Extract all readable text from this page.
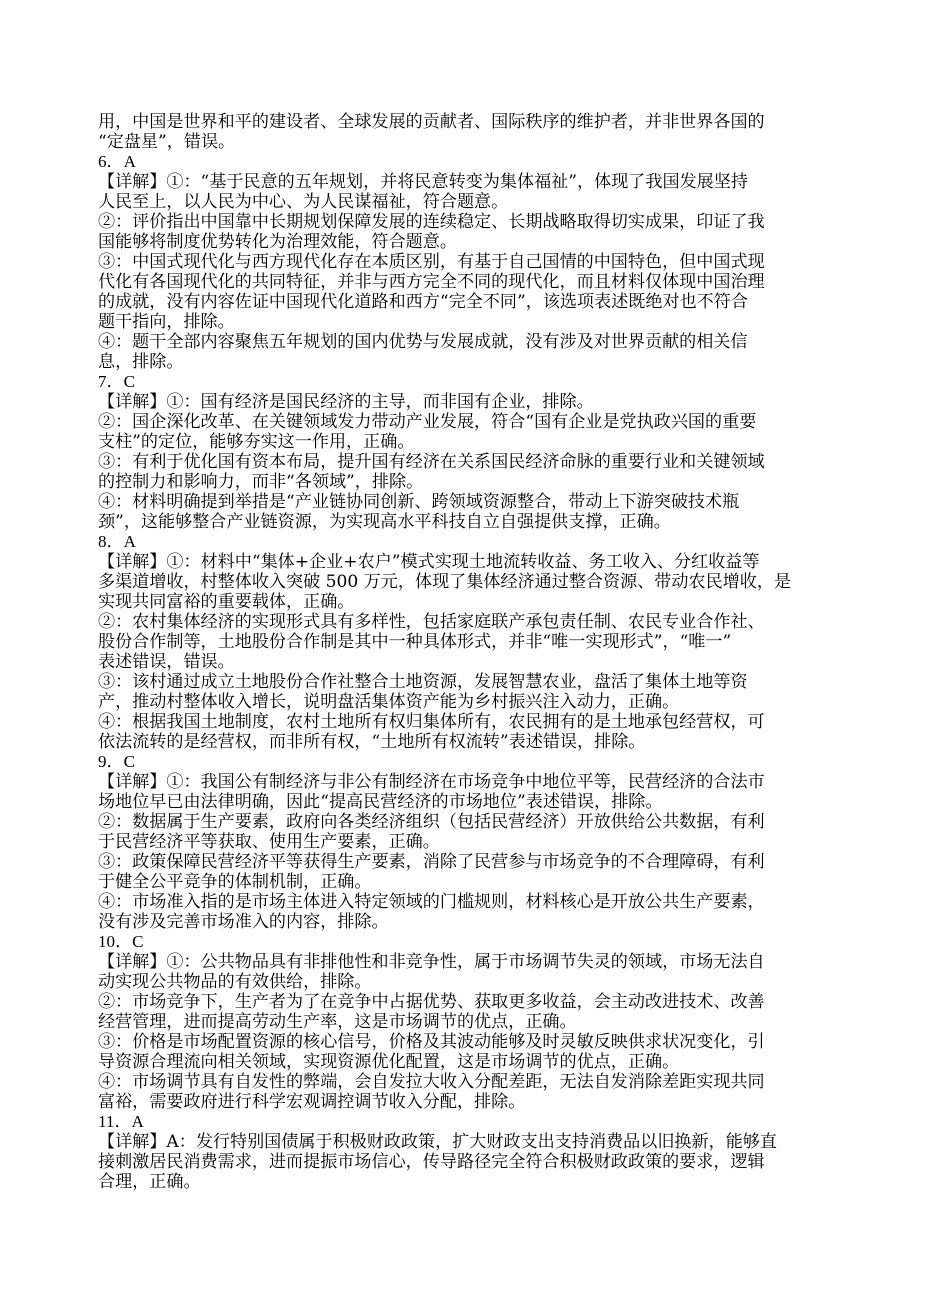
用，中国是世界和平的建设者、全球发展的贡献者、国际秩序的维护者，并非世界各国的
“定盘星”，错误。
6．A
【详解】①：“基于民意的五年规划，并将民意转变为集体福祉”，体现了我国发展坚持
人民至上，以人民为中心、为人民谋福祉，符合题意。
②：评价指出中国靠中长期规划保障发展的连续稳定、长期战略取得切实成果，印证了我
国能够将制度优势转化为治理效能，符合题意。
③：中国式现代化与西方现代化存在本质区别，有基于自己国情的中国特色，但中国式现
代化有各国现代化的共同特征，并非与西方完全不同的现代化，而且材料仅体现中国治理
的成就，没有内容佐证中国现代化道路和西方“完全不同”，该选项表述既绝对也不符合
题干指向，排除。
④：题干全部内容聚焦五年规划的国内优势与发展成就，没有涉及对世界贡献的相关信
息，排除。
7．C
【详解】①：国有经济是国民经济的主导，而非国有企业，排除。
②：国企深化改革、在关键领域发力带动产业发展，符合“国有企业是党执政兴国的重要
支柱”的定位，能够夯实这一作用，正确。
③：有利于优化国有资本布局，提升国有经济在关系国民经济命脉的重要行业和关键领域
的控制力和影响力，而非“各领域”，排除。
④：材料明确提到举措是“产业链协同创新、跨领域资源整合，带动上下游突破技术瓶
颈”，这能够整合产业链资源，为实现高水平科技自立自强提供支撑，正确。
8．A
【详解】①：材料中“集体+企业+农户”模式实现土地流转收益、务工收入、分红收益等
多渠道增收，村整体收入突破 500 万元，体现了集体经济通过整合资源、带动农民增收，是
实现共同富裕的重要载体，正确。
②：农村集体经济的实现形式具有多样性，包括家庭联产承包责任制、农民专业合作社、
股份合作制等，土地股份合作制是其中一种具体形式，并非“唯一实现形式”，“唯一”
表述错误，错误。
③：该村通过成立土地股份合作社整合土地资源，发展智慧农业，盘活了集体土地等资
产，推动村整体收入增长，说明盘活集体资产能为乡村振兴注入动力，正确。
④：根据我国土地制度，农村土地所有权归集体所有，农民拥有的是土地承包经营权，可
依法流转的是经营权，而非所有权，“土地所有权流转”表述错误，排除。
9．C
【详解】①：我国公有制经济与非公有制经济在市场竞争中地位平等，民营经济的合法市
场地位早已由法律明确，因此“提高民营经济的市场地位”表述错误，排除。
②：数据属于生产要素，政府向各类经济组织（包括民营经济）开放供给公共数据，有利
于民营经济平等获取、使用生产要素，正确。
③：政策保障民营经济平等获得生产要素，消除了民营参与市场竞争的不合理障碍，有利
于健全公平竞争的体制机制，正确。
④：市场准入指的是市场主体进入特定领域的门槛规则，材料核心是开放公共生产要素，
没有涉及完善市场准入的内容，排除。
10．C
【详解】①：公共物品具有非排他性和非竞争性，属于市场调节失灵的领域，市场无法自
动实现公共物品的有效供给，排除。
②：市场竞争下，生产者为了在竞争中占据优势、获取更多收益，会主动改进技术、改善
经营管理，进而提高劳动生产率，这是市场调节的优点，正确。
③：价格是市场配置资源的核心信号，价格及其波动能够及时灵敏反映供求状况变化，引
导资源合理流向相关领域，实现资源优化配置，这是市场调节的优点，正确。
④：市场调节具有自发性的弊端，会自发拉大收入分配差距，无法自发消除差距实现共同
富裕，需要政府进行科学宏观调控调节收入分配，排除。
11．A
【详解】A：发行特别国债属于积极财政政策，扩大财政支出支持消费品以旧换新，能够直
接刺激居民消费需求，进而提振市场信心，传导路径完全符合积极财政政策的要求，逻辑
合理，正确。
